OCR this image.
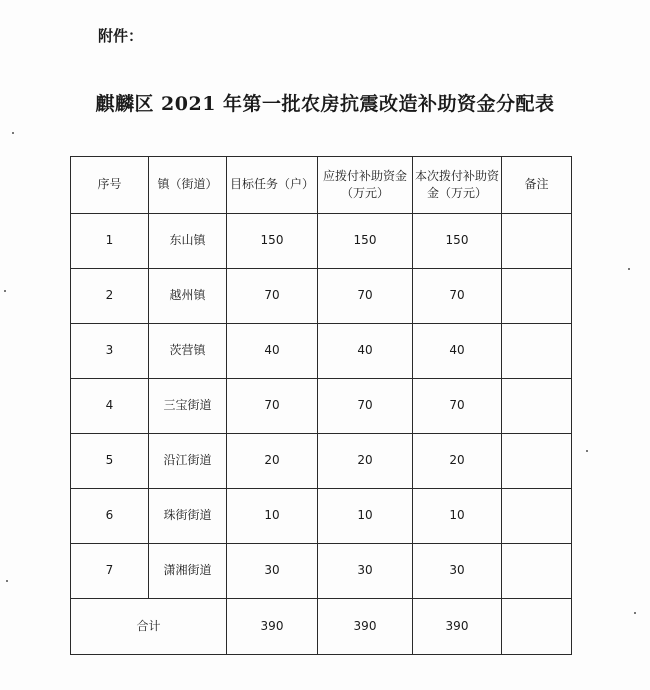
附件：
麒麟区 2021 年第一批农房抗震改造补助资金分配表
序号	镇（街道）	目标任务（户）	应拨付补助资金（万元）	本次拨付补助资金（万元）	备注
1	东山镇	150	150	150	
2	越州镇	70	70	70	
3	茨营镇	40	40	40	
4	三宝街道	70	70	70	
5	沿江街道	20	20	20	
6	珠街街道	10	10	10	
7	潇湘街道	30	30	30	
合计		390	390	390	
